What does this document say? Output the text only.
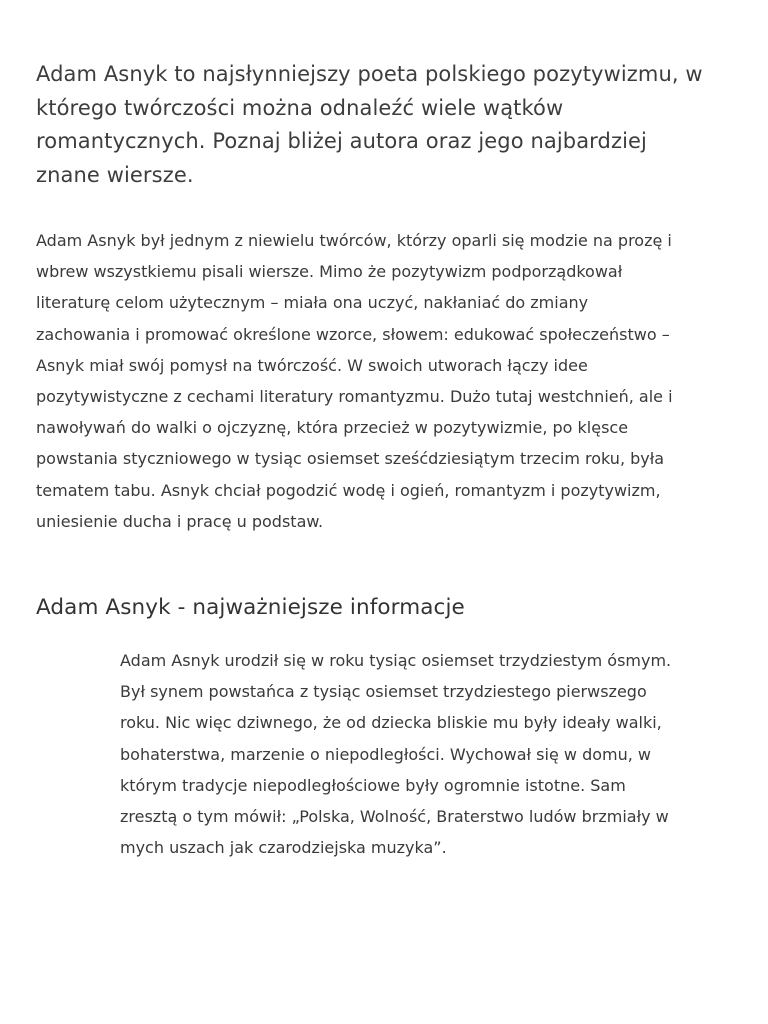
Adam Asnyk to najsłynniejszy poeta polskiego pozytywizmu, w którego twórczości można odnaleźć wiele wątków romantycznych. Poznaj bliżej autora oraz jego najbardziej znane wiersze.

Adam Asnyk był jednym z niewielu twórców, którzy oparli się modzie na prozę i wbrew wszystkiemu pisali wiersze. Mimo że pozytywizm podporządkował literaturę celom użytecznym – miała ona uczyć, nakłaniać do zmiany zachowania i promować określone wzorce, słowem: edukować społeczeństwo – Asnyk miał swój pomysł na twórczość. W swoich utworach łączy idee pozytywistyczne z cechami literatury romantyzmu. Dużo tutaj westchnień, ale i nawoływań do walki o ojczyznę, która przecież w pozytywizmie, po klęsce powstania styczniowego w tysiąc osiemset sześćdziesiątym trzecim roku, była tematem tabu. Asnyk chciał pogodzić wodę i ogień, romantyzm i pozytywizm, uniesienie ducha i pracę u podstaw.

Adam Asnyk - najważniejsze informacje

Adam Asnyk urodził się w roku tysiąc osiemset trzydziestym ósmym. Był synem powstańca z tysiąc osiemset trzydziestego pierwszego roku. Nic więc dziwnego, że od dziecka bliskie mu były ideały walki, bohaterstwa, marzenie o niepodległości. Wychował się w domu, w którym tradycje niepodległościowe były ogromnie istotne. Sam zresztą o tym mówił: „Polska, Wolność, Braterstwo ludów brzmiały w mych uszach jak czarodziejska muzyka”.
